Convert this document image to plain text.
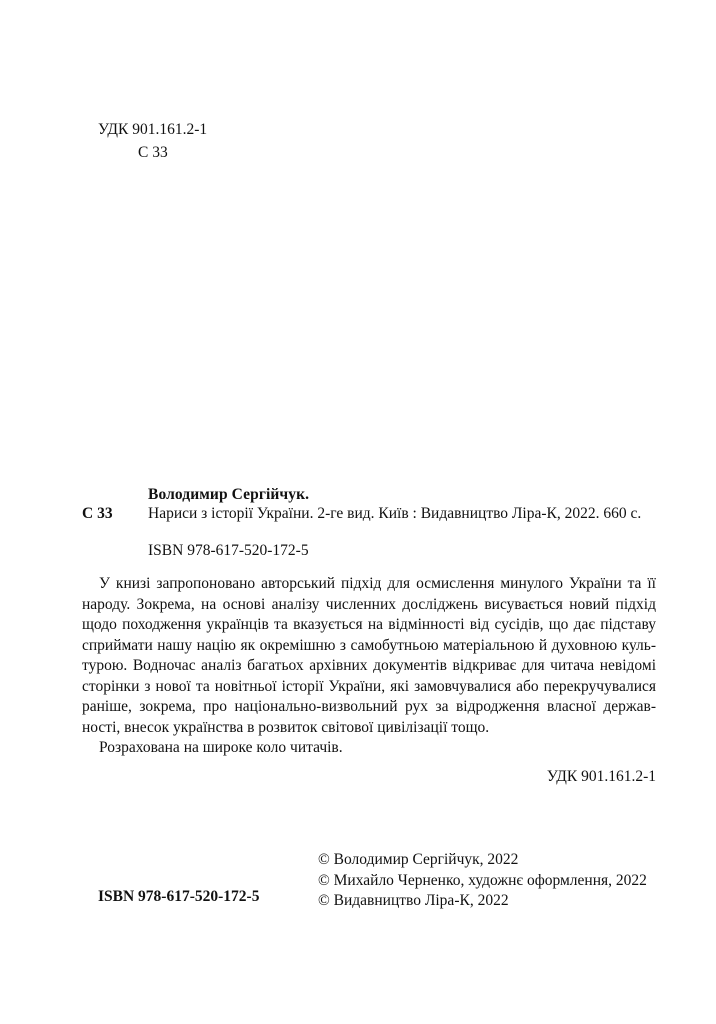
УДК 901.161.2-1
С 33
Володимир Сергійчук.
С 33 Нариси з історії України. 2-ге вид. Київ : Видавництво Ліра-К, 2022. 660 с.
ISBN 978-617-520-172-5

У книзі запропоновано авторський підхід для осмислення минулого України та її народу. Зокрема, на основі аналізу численних досліджень висувається новий підхід щодо походження українців та вказується на відмінності від сусідів, що дає підставу сприймати нашу націю як окремішню з самобутньою матеріальною й духовною куль-турою. Водночас аналіз багатьох архівних документів відкриває для читача невідомі сторінки з нової та новітньої історії України, які замовчувалися або перекручувалися раніше, зокрема, про національно-визвольний рух за відродження власної держав-ності, внесок українства в розвиток світової цивілізації тощо.

Розрахована на широке коло читачів.

УДК 901.161.2-1
© Володимир Сергійчук, 2022
© Михайло Черненко, художнє оформлення, 2022
© Видавництво Ліра-К, 2022
ISBN 978-617-520-172-5
